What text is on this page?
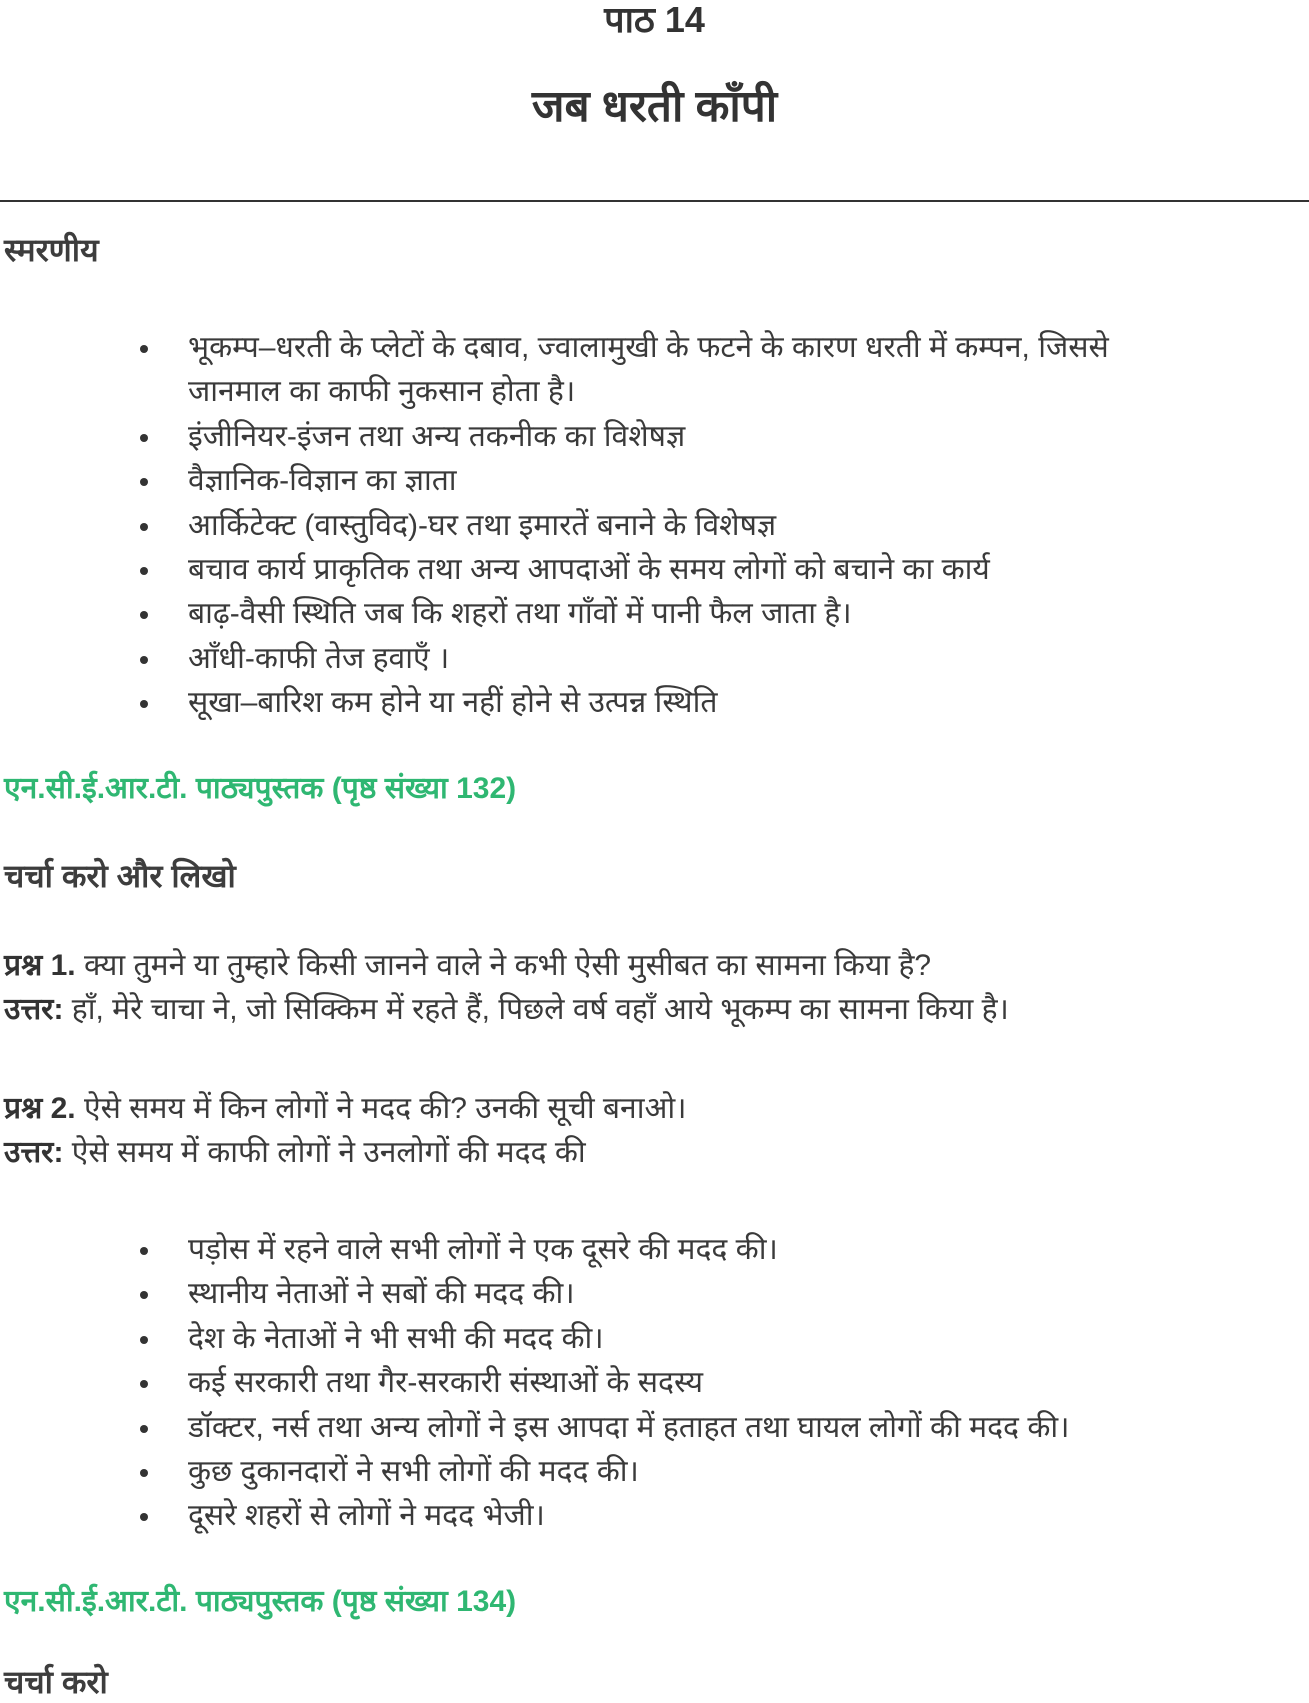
पाठ 14
जब धरती काँपी
स्मरणीय
भूकम्प–धरती के प्लेटों के दबाव, ज्वालामुखी के फटने के कारण धरती में कम्पन, जिससे
जानमाल का काफी नुकसान होता है।
इंजीनियर-इंजन तथा अन्य तकनीक का विशेषज्ञ
वैज्ञानिक-विज्ञान का ज्ञाता
आर्किटेक्ट (वास्तुविद)-घर तथा इमारतें बनाने के विशेषज्ञ
बचाव कार्य प्राकृतिक तथा अन्य आपदाओं के समय लोगों को बचाने का कार्य
बाढ़-वैसी स्थिति जब कि शहरों तथा गाँवों में पानी फैल जाता है।
आँधी-काफी तेज हवाएँ ।
सूखा–बारिश कम होने या नहीं होने से उत्पन्न स्थिति
एन.सी.ई.आर.टी. पाठ्यपुस्तक (पृष्ठ संख्या 132)
चर्चा करो और लिखो
प्रश्न 1. क्या तुमने या तुम्हारे किसी जानने वाले ने कभी ऐसी मुसीबत का सामना किया है?
उत्तर: हाँ, मेरे चाचा ने, जो सिक्किम में रहते हैं, पिछले वर्ष वहाँ आये भूकम्प का सामना किया है।
प्रश्न 2. ऐसे समय में किन लोगों ने मदद की? उनकी सूची बनाओ।
उत्तर: ऐसे समय में काफी लोगों ने उनलोगों की मदद की
पड़ोस में रहने वाले सभी लोगों ने एक दूसरे की मदद की।
स्थानीय नेताओं ने सबों की मदद की।
देश के नेताओं ने भी सभी की मदद की।
कई सरकारी तथा गैर-सरकारी संस्थाओं के सदस्य
डॉक्टर, नर्स तथा अन्य लोगों ने इस आपदा में हताहत तथा घायल लोगों की मदद की।
कुछ दुकानदारों ने सभी लोगों की मदद की।
दूसरे शहरों से लोगों ने मदद भेजी।
एन.सी.ई.आर.टी. पाठ्यपुस्तक (पृष्ठ संख्या 134)
चर्चा करो
